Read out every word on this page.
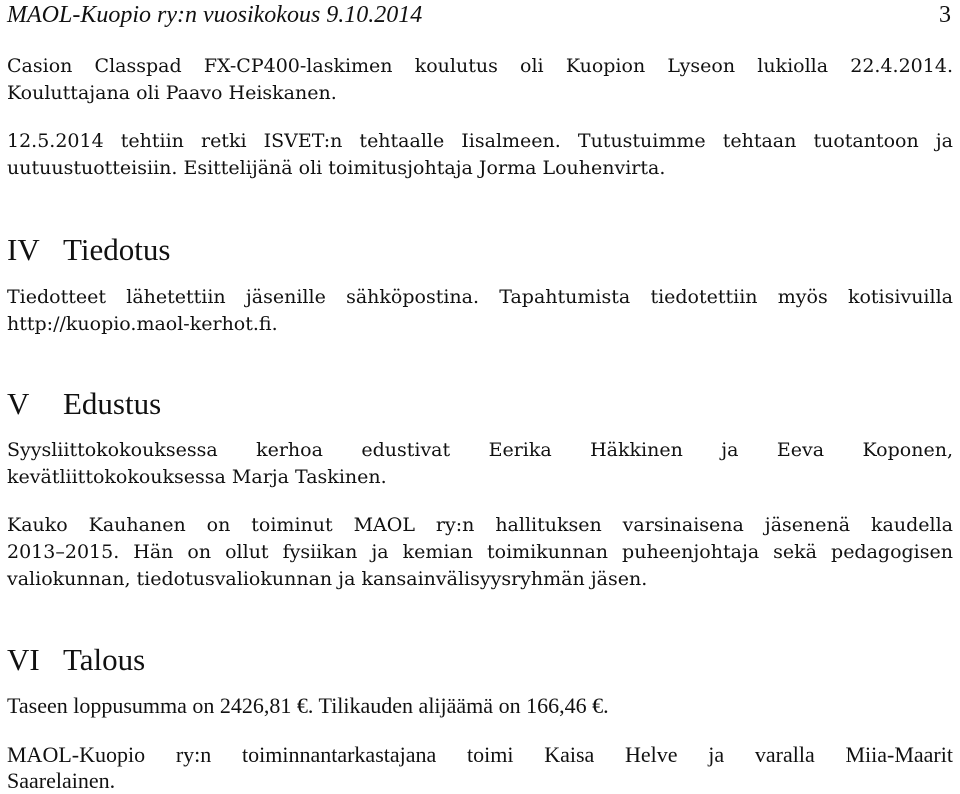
MAOL-Kuopio ry:n vuosikokous 9.10.2014	3

Casion Classpad FX-CP400-laskimen koulutus oli Kuopion Lyseon lukiolla 22.4.2014.

Kouluttajana oli Paavo Heiskanen.

12.5.2014 tehtiin retki ISVET:n tehtaalle Iisalmeen. Tutustuimme tehtaan tuotantoon ja

uutuustuotteisiin. Esittelijänä oli toimitusjohtaja Jorma Louhenvirta.

IV Tiedotus

Tiedotteet lähetettiin jäsenille sähköpostina. Tapahtumista tiedotettiin myös kotisivuilla

http://kuopio.maol-kerhot.fi.

V	Edustus

Syysliittokokouksessa kerhoa edustivat Eerika Häkkinen ja Eeva Koponen,

kevätliittokokouksessa Marja Taskinen.

Kauko Kauhanen on toiminut MAOL ry:n hallituksen varsinaisena jäsenenä kaudella

2013–2015. Hän on ollut fysiikan ja kemian toimikunnan puheenjohtaja sekä pedagogisen

valiokunnan, tiedotusvaliokunnan ja kansainvälisyysryhmän jäsen.

VI Talous

Taseen loppusumma on 2426,81 €. Tilikauden alijäämä on 166,46 €.

MAOL-Kuopio ry:n toiminnantarkastajana toimi Kaisa Helve ja varalla Miia-Maarit

Saarelainen.
